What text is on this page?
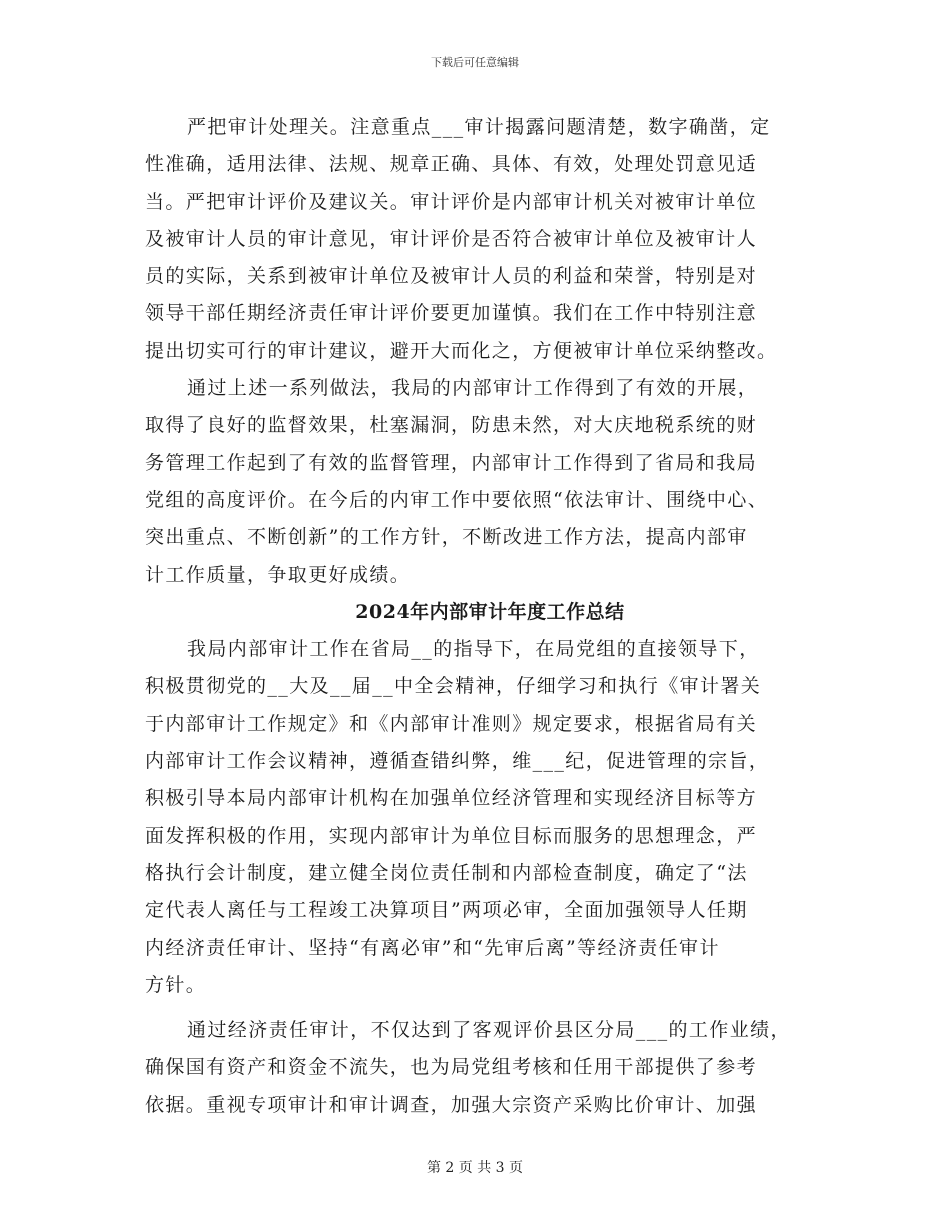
下载后可任意编辑
严把审计处理关。注意重点___审计揭露问题清楚，数字确凿，定
性准确，适用法律、法规、规章正确、具体、有效，处理处罚意见适
当。严把审计评价及建议关。审计评价是内部审计机关对被审计单位
及被审计人员的审计意见，审计评价是否符合被审计单位及被审计人
员的实际，关系到被审计单位及被审计人员的利益和荣誉，特别是对
领导干部任期经济责任审计评价要更加谨慎。我们在工作中特别注意
提出切实可行的审计建议，避开大而化之，方便被审计单位采纳整改。
通过上述一系列做法，我局的内部审计工作得到了有效的开展，
取得了良好的监督效果，杜塞漏洞，防患未然，对大庆地税系统的财
务管理工作起到了有效的监督管理，内部审计工作得到了省局和我局
党组的高度评价。在今后的内审工作中要依照“依法审计、围绕中心、
突出重点、不断创新”的工作方针，不断改进工作方法，提高内部审
计工作质量，争取更好成绩。
2024年内部审计年度工作总结
我局内部审计工作在省局__的指导下，在局党组的直接领导下，
积极贯彻党的__大及__届__中全会精神，仔细学习和执行《审计署关
于内部审计工作规定》和《内部审计准则》规定要求，根据省局有关
内部审计工作会议精神，遵循查错纠弊，维___纪，促进管理的宗旨，
积极引导本局内部审计机构在加强单位经济管理和实现经济目标等方
面发挥积极的作用，实现内部审计为单位目标而服务的思想理念，严
格执行会计制度，建立健全岗位责任制和内部检查制度，确定了“法
定代表人离任与工程竣工决算项目”两项必审，全面加强领导人任期
内经济责任审计、坚持“有离必审”和“先审后离”等经济责任审计
方针。
通过经济责任审计，不仅达到了客观评价县区分局___的工作业绩，
确保国有资产和资金不流失，也为局党组考核和任用干部提供了参考
依据。重视专项审计和审计调查，加强大宗资产采购比价审计、加强
第 2 页 共 3 页
